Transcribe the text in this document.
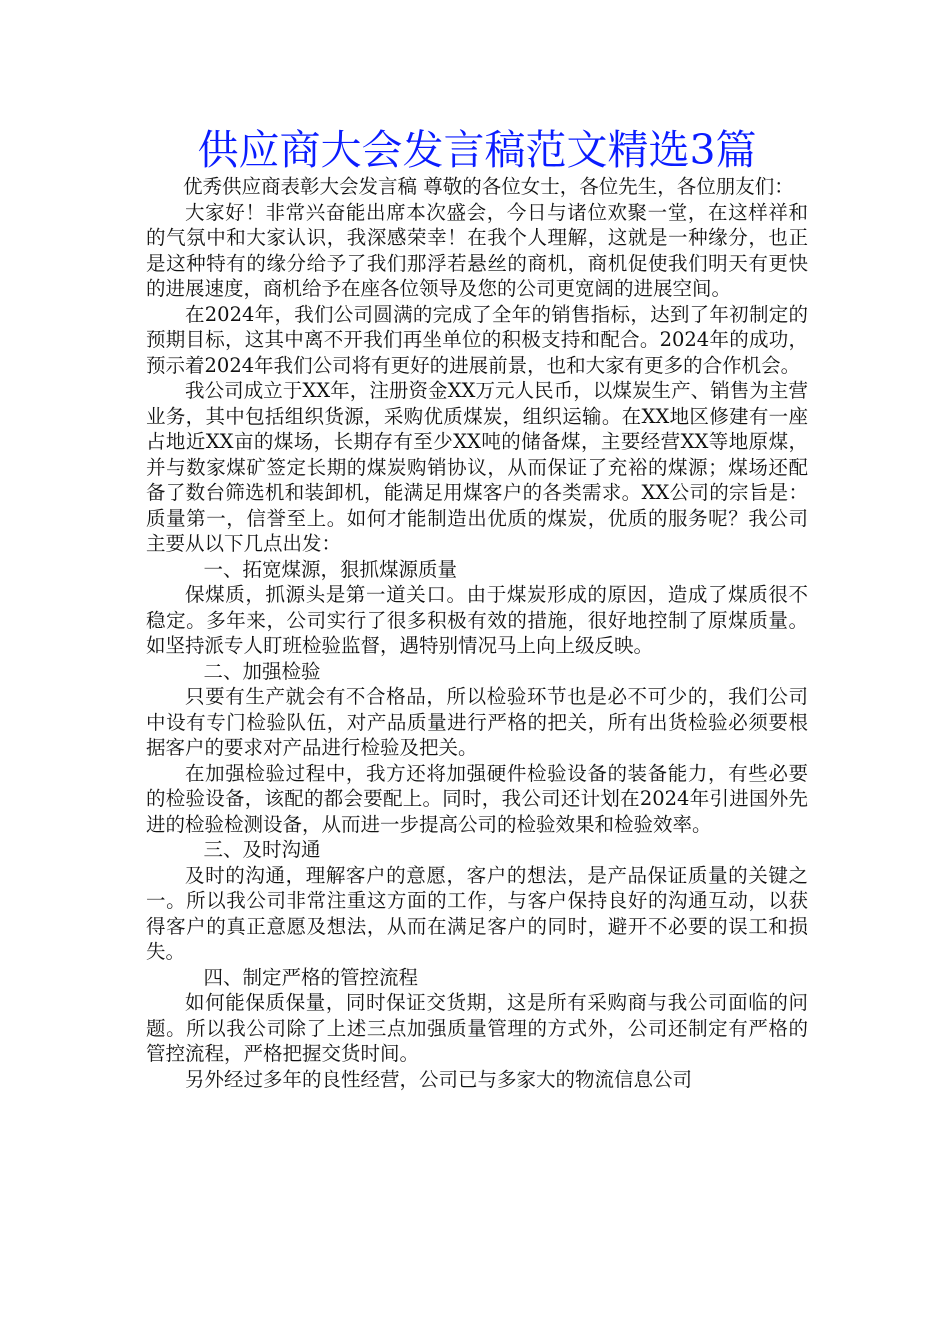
供应商大会发言稿范文精选3篇

优秀供应商表彰大会发言稿 尊敬的各位女士，各位先生，各位朋友们：

大家好！非常兴奋能出席本次盛会，今日与诸位欢聚一堂，在这样祥和的气氛中和大家认识，我深感荣幸！在我个人理解，这就是一种缘分，也正是这种特有的缘分给予了我们那浮若悬丝的商机，商机促使我们明天有更快的进展速度，商机给予在座各位领导及您的公司更宽阔的进展空间。

在2024年，我们公司圆满的完成了全年的销售指标，达到了年初制定的预期目标，这其中离不开我们再坐单位的积极支持和配合。2024年的成功，预示着2024年我们公司将有更好的进展前景，也和大家有更多的合作机会。

我公司成立于XX年，注册资金XX万元人民币，以煤炭生产、销售为主营业务，其中包括组织货源，采购优质煤炭，组织运输。在XX地区修建有一座占地近XX亩的煤场，长期存有至少XX吨的储备煤，主要经营XX等地原煤，并与数家煤矿签定长期的煤炭购销协议，从而保证了充裕的煤源；煤场还配备了数台筛选机和装卸机，能满足用煤客户的各类需求。XX公司的宗旨是：质量第一，信誉至上。如何才能制造出优质的煤炭，优质的服务呢？我公司主要从以下几点出发：

一、拓宽煤源，狠抓煤源质量

保煤质，抓源头是第一道关口。由于煤炭形成的原因，造成了煤质很不稳定。多年来，公司实行了很多积极有效的措施，很好地控制了原煤质量。如坚持派专人盯班检验监督，遇特别情况马上向上级反映。

二、加强检验

只要有生产就会有不合格品，所以检验环节也是必不可少的，我们公司中设有专门检验队伍，对产品质量进行严格的把关，所有出货检验必须要根据客户的要求对产品进行检验及把关。

在加强检验过程中，我方还将加强硬件检验设备的装备能力，有些必要的检验设备，该配的都会要配上。同时，我公司还计划在2024年引进国外先进的检验检测设备，从而进一步提高公司的检验效果和检验效率。

三、及时沟通

及时的沟通，理解客户的意愿，客户的想法，是产品保证质量的关键之一。所以我公司非常注重这方面的工作，与客户保持良好的沟通互动，以获得客户的真正意愿及想法，从而在满足客户的同时，避开不必要的误工和损失。

四、制定严格的管控流程

如何能保质保量，同时保证交货期，这是所有采购商与我公司面临的问题。所以我公司除了上述三点加强质量管理的方式外，公司还制定有严格的管控流程，严格把握交货时间。

另外经过多年的良性经营，公司已与多家大的物流信息公司
